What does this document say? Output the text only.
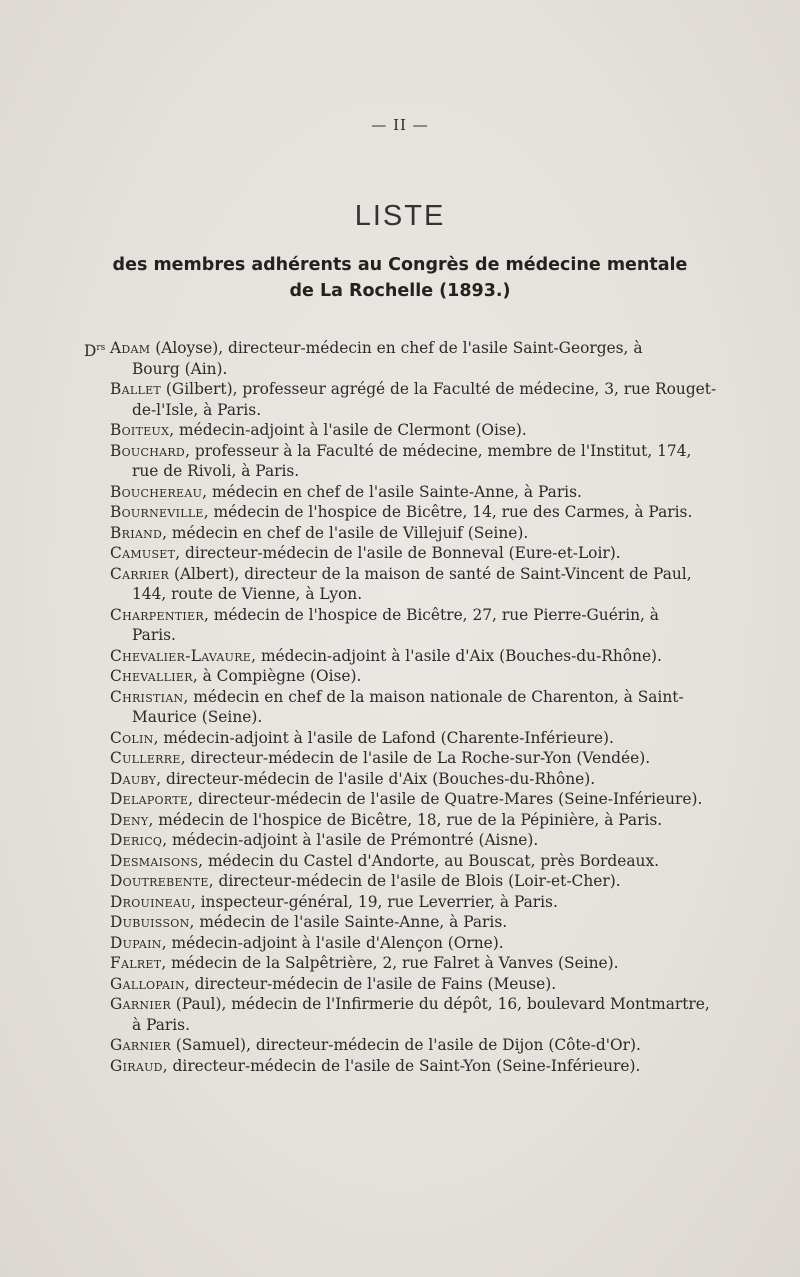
— II —
LISTE
des membres adhérents au Congrès de médecine mentale
de La Rochelle (1893.)
$D^{rs}$ Adam (Aloyse), directeur-médecin en chef de l'asile Saint-Georges, à
Bourg (Ain).
Ballet (Gilbert), professeur agrégé de la Faculté de médecine, 3, rue Rouget-
de-l'Isle, à Paris.
Boiteux, médecin-adjoint à l'asile de Clermont (Oise).
Bouchard, professeur à la Faculté de médecine, membre de l'Institut, 174,
rue de Rivoli, à Paris.
Bouchereau, médecin en chef de l'asile Sainte-Anne, à Paris.
Bourneville, médecin de l'hospice de Bicêtre, 14, rue des Carmes, à Paris.
Briand, médecin en chef de l'asile de Villejuif (Seine).
Camuset, directeur-médecin de l'asile de Bonneval (Eure-et-Loir).
Carrier (Albert), directeur de la maison de santé de Saint-Vincent de Paul,
144, route de Vienne, à Lyon.
Charpentier, médecin de l'hospice de Bicêtre, 27, rue Pierre-Guérin, à
Paris.
Chevalier-Lavaure, médecin-adjoint à l'asile d'Aix (Bouches-du-Rhône).
Chevallier, à Compiègne (Oise).
Christian, médecin en chef de la maison nationale de Charenton, à Saint-
Maurice (Seine).
Colin, médecin-adjoint à l'asile de Lafond (Charente-Inférieure).
Cullerre, directeur-médecin de l'asile de La Roche-sur-Yon (Vendée).
Dauby, directeur-médecin de l'asile d'Aix (Bouches-du-Rhône).
Delaporte, directeur-médecin de l'asile de Quatre-Mares (Seine-Inférieure).
Deny, médecin de l'hospice de Bicêtre, 18, rue de la Pépinière, à Paris.
Dericq, médecin-adjoint à l'asile de Prémontré (Aisne).
Desmaisons, médecin du Castel d'Andorte, au Bouscat, près Bordeaux.
Doutrebente, directeur-médecin de l'asile de Blois (Loir-et-Cher).
Drouineau, inspecteur-général, 19, rue Leverrier, à Paris.
Dubuisson, médecin de l'asile Sainte-Anne, à Paris.
Dupain, médecin-adjoint à l'asile d'Alençon (Orne).
Falret, médecin de la Salpêtrière, 2, rue Falret à Vanves (Seine).
Gallopain, directeur-médecin de l'asile de Fains (Meuse).
Garnier (Paul), médecin de l'Infirmerie du dépôt, 16, boulevard Montmartre,
à Paris.
Garnier (Samuel), directeur-médecin de l'asile de Dijon (Côte-d'Or).
Giraud, directeur-médecin de l'asile de Saint-Yon (Seine-Inférieure).
